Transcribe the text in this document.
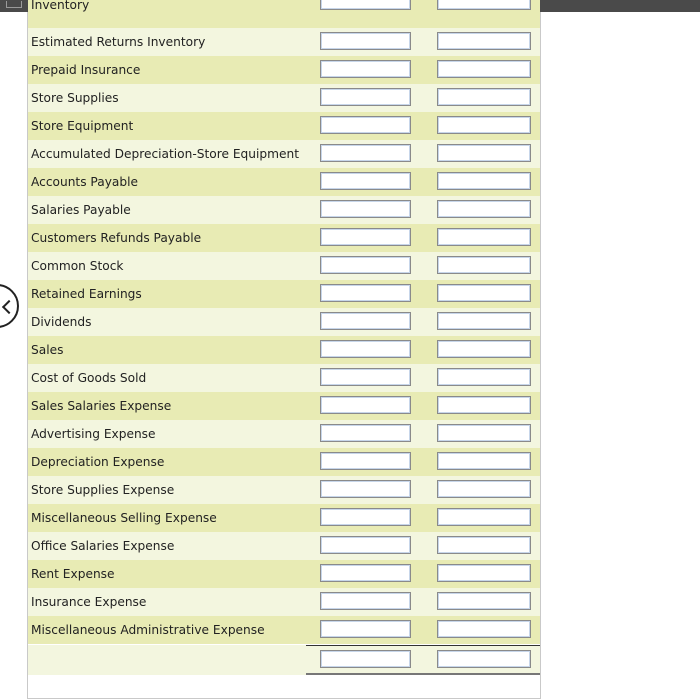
Inventory
Estimated Returns Inventory
Prepaid Insurance
Store Supplies
Store Equipment
Accumulated Depreciation-Store Equipment
Accounts Payable
Salaries Payable
Customers Refunds Payable
Common Stock
Retained Earnings
Dividends
Sales
Cost of Goods Sold
Sales Salaries Expense
Advertising Expense
Depreciation Expense
Store Supplies Expense
Miscellaneous Selling Expense
Office Salaries Expense
Rent Expense
Insurance Expense
Miscellaneous Administrative Expense
